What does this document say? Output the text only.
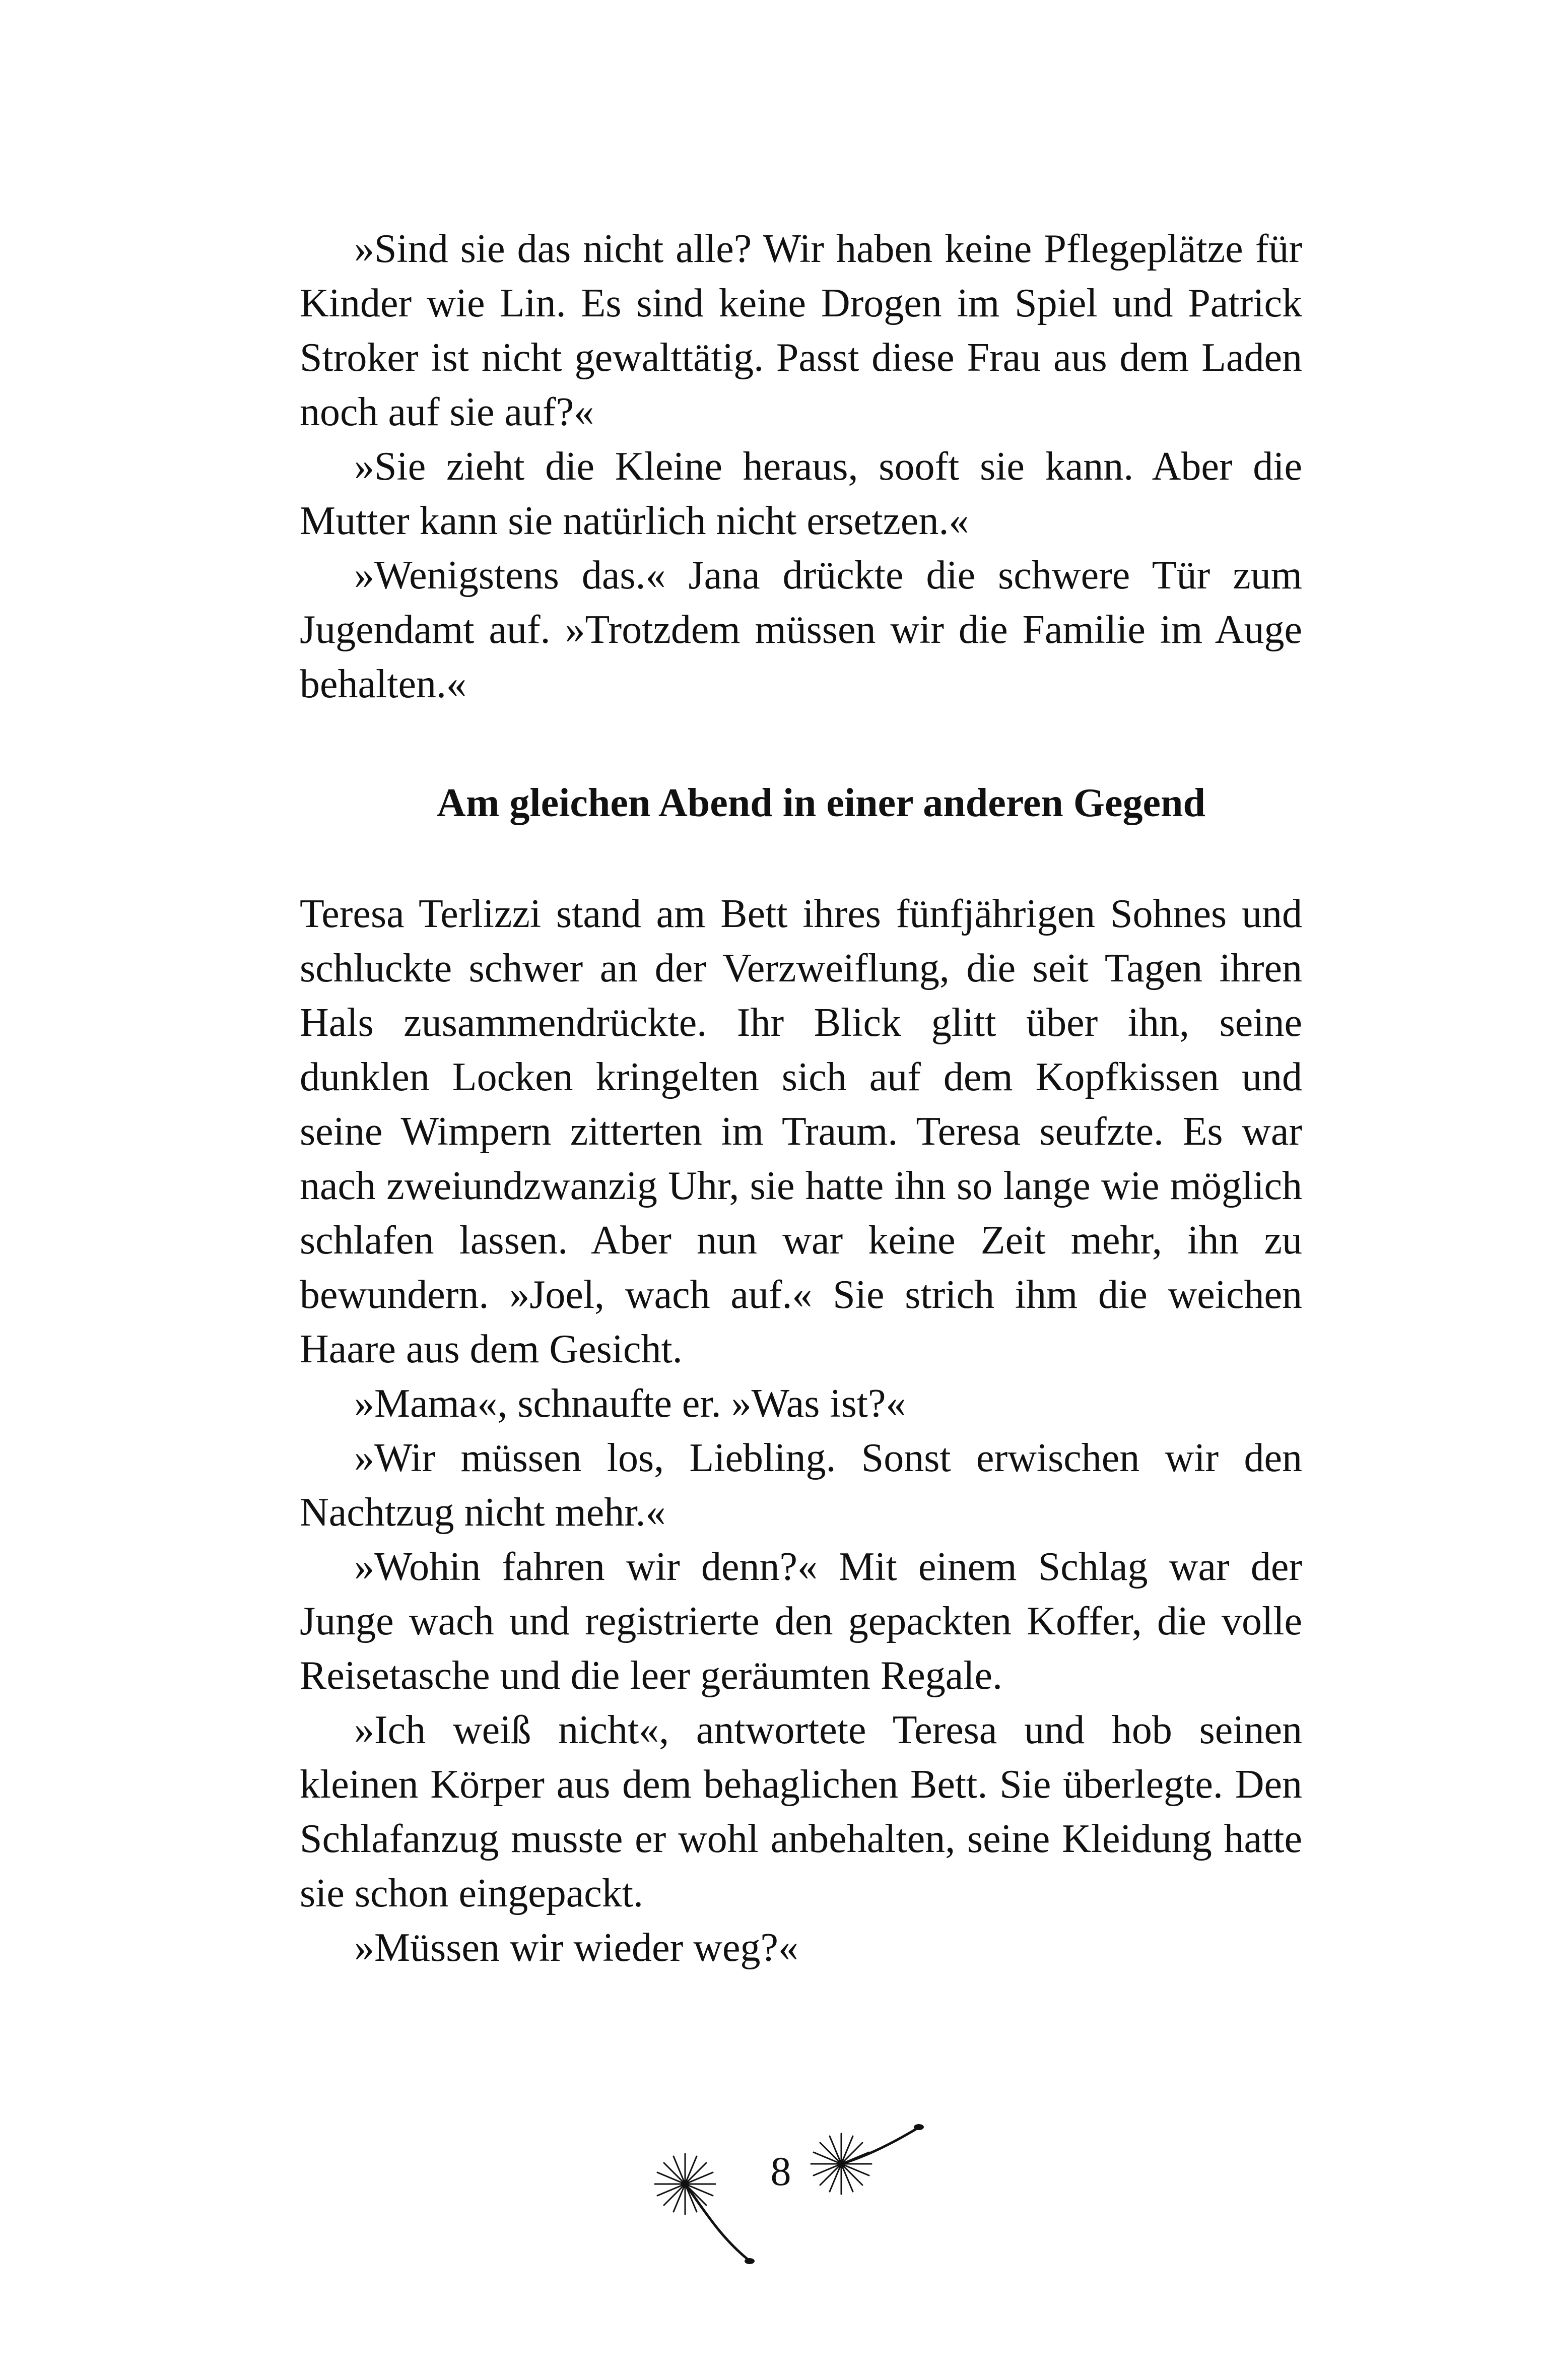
»Sind sie das nicht alle? Wir haben keine Pflegeplätze für Kinder wie Lin. Es sind keine Drogen im Spiel und Patrick Stroker ist nicht gewalttätig. Passt diese Frau aus dem Laden noch auf sie auf?«

»Sie zieht die Kleine heraus, sooft sie kann. Aber die Mutter kann sie natürlich nicht ersetzen.«

»Wenigstens das.« Jana drückte die schwere Tür zum Jugendamt auf. »Trotzdem müssen wir die Familie im Auge behalten.«

Am gleichen Abend in einer anderen Gegend

Teresa Terlizzi stand am Bett ihres fünfjährigen Sohnes und schluckte schwer an der Verzweiflung, die seit Tagen ihren Hals zusammendrückte. Ihr Blick glitt über ihn, seine dunklen Locken kringelten sich auf dem Kopfkissen und seine Wimpern zitterten im Traum. Teresa seufzte. Es war nach zweiundzwanzig Uhr, sie hatte ihn so lange wie möglich schlafen lassen. Aber nun war keine Zeit mehr, ihn zu bewundern. »Joel, wach auf.« Sie strich ihm die weichen Haare aus dem Gesicht.

»Mama«, schnaufte er. »Was ist?«

»Wir müssen los, Liebling. Sonst erwischen wir den Nachtzug nicht mehr.«

»Wohin fahren wir denn?« Mit einem Schlag war der Junge wach und registrierte den gepackten Koffer, die volle Reisetasche und die leer geräumten Regale.

»Ich weiß nicht«, antwortete Teresa und hob seinen kleinen Körper aus dem behaglichen Bett. Sie überlegte. Den Schlafanzug musste er wohl anbehalten, seine Kleidung hatte sie schon eingepackt.

»Müssen wir wieder weg?«

8
